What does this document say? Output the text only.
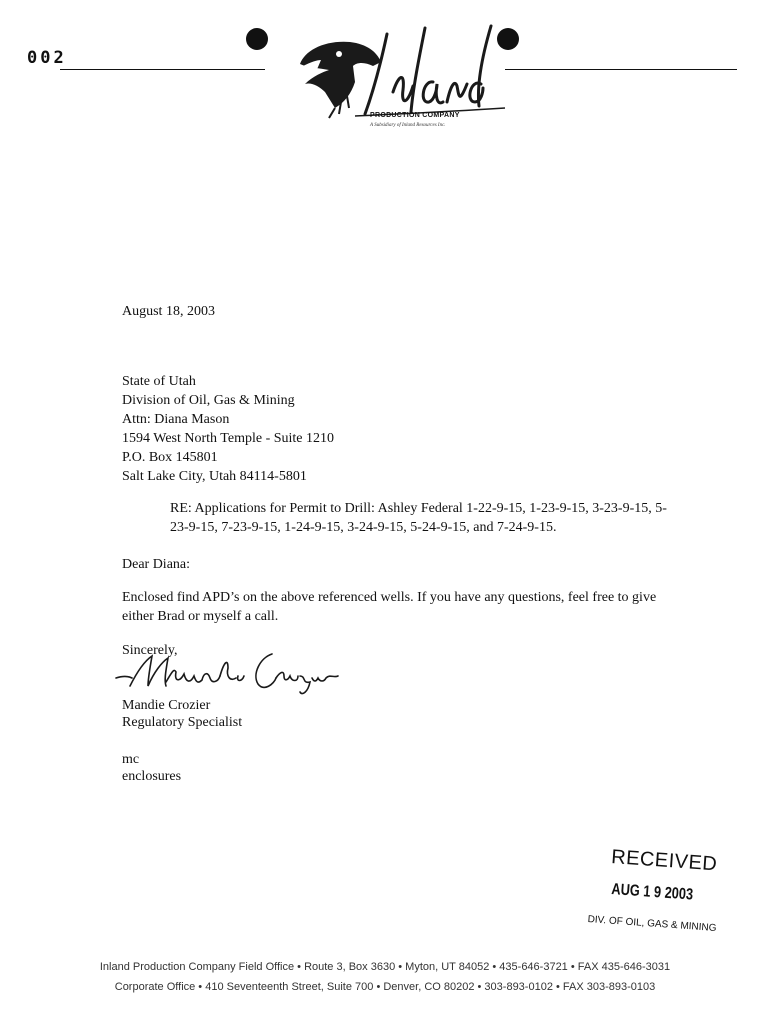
002
PRODUCTION COMPANY
A Subsidiary of Inland Resources Inc.
August 18, 2003
State of Utah
Division of Oil, Gas & Mining
Attn: Diana Mason
1594 West North Temple - Suite 1210
P.O. Box 145801
Salt Lake City, Utah 84114-5801
RE: Applications for Permit to Drill: Ashley Federal 1-22-9-15, 1-23-9-15, 3-23-9-15, 5-23-9-15, 7-23-9-15, 1-24-9-15, 3-24-9-15, 5-24-9-15, and 7-24-9-15.
Dear Diana:
Enclosed find APD’s on the above referenced wells. If you have any questions, feel free to give either Brad or myself a call.
Sincerely,
Mandie Crozier
Regulatory Specialist
mc
enclosures
RECEIVED
AUG 1 9 2003
DIV. OF OIL, GAS & MINING
Inland Production Company Field Office • Route 3, Box 3630 • Myton, UT 84052 • 435-646-3721 • FAX 435-646-3031
Corporate Office • 410 Seventeenth Street, Suite 700 • Denver, CO 80202 • 303-893-0102 • FAX 303-893-0103
